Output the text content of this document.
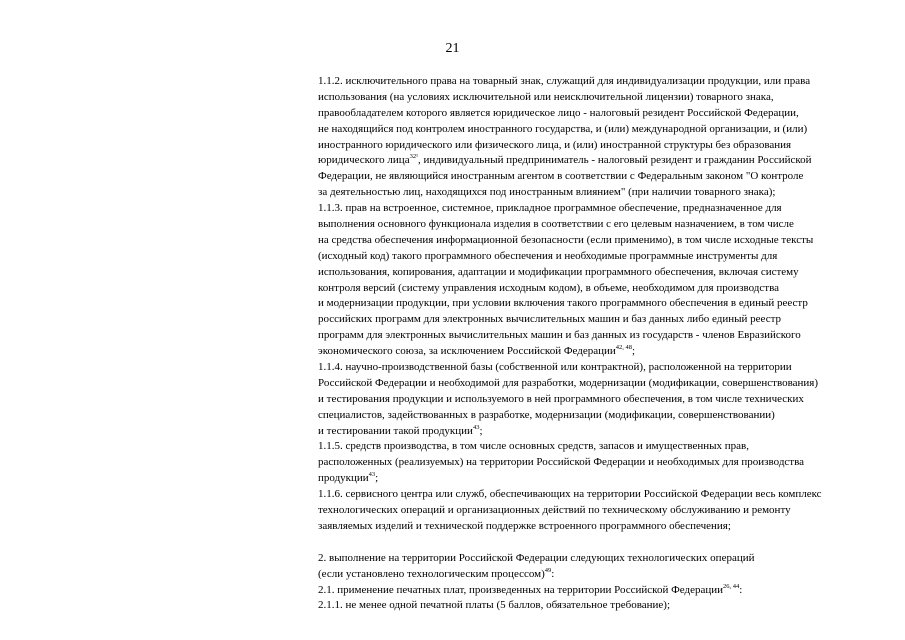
21
1.1.2. исключительного права на товарный знак, служащий для индивидуализации продукции, или права
использования (на условиях исключительной или неисключительной лицензии) товарного знака,
правообладателем которого является юридическое лицо - налоговый резидент Российской Федерации,
не находящийся под контролем иностранного государства, и (или) международной организации, и (или)
иностранного юридического или физического лица, и (или) иностранной структуры без образования
юридического лица$^{32^1}$, индивидуальный предприниматель - налоговый резидент и гражданин Российской
Федерации, не являющийся иностранным агентом в соответствии с Федеральным законом "О контроле
за деятельностью лиц, находящихся под иностранным влиянием" (при наличии товарного знака);
1.1.3. прав на встроенное, системное, прикладное программное обеспечение, предназначенное для
выполнения основного функционала изделия в соответствии с его целевым назначением, в том числе
на средства обеспечения информационной безопасности (если применимо), в том числе исходные тексты
(исходный код) такого программного обеспечения и необходимые программные инструменты для
использования, копирования, адаптации и модификации программного обеспечения, включая систему
контроля версий (систему управления исходным кодом), в объеме, необходимом для производства
и модернизации продукции, при условии включения такого программного обеспечения в единый реестр
российских программ для электронных вычислительных машин и баз данных либо единый реестр
программ для электронных вычислительных машин и баз данных из государств - членов Евразийского
экономического союза, за исключением Российской Федерации$^{42, 48}$;
1.1.4. научно-производственной базы (собственной или контрактной), расположенной на территории
Российской Федерации и необходимой для разработки, модернизации (модификации, совершенствования)
и тестирования продукции и используемого в ней программного обеспечения, в том числе технических
специалистов, задействованных в разработке, модернизации (модификации, совершенствовании)
и тестировании такой продукции$^{43}$;
1.1.5. средств производства, в том числе основных средств, запасов и имущественных прав,
расположенных (реализуемых) на территории Российской Федерации и необходимых для производства
продукции$^{43}$;
1.1.6. сервисного центра или служб, обеспечивающих на территории Российской Федерации весь комплекс
технологических операций и организационных действий по техническому обслуживанию и ремонту
заявляемых изделий и технической поддержке встроенного программного обеспечения;
2. выполнение на территории Российской Федерации следующих технологических операций
(если установлено технологическим процессом)$^{49}$:
2.1. применение печатных плат, произведенных на территории Российской Федерации$^{26, 44}$:
2.1.1. не менее одной печатной платы (5 баллов, обязательное требование);
